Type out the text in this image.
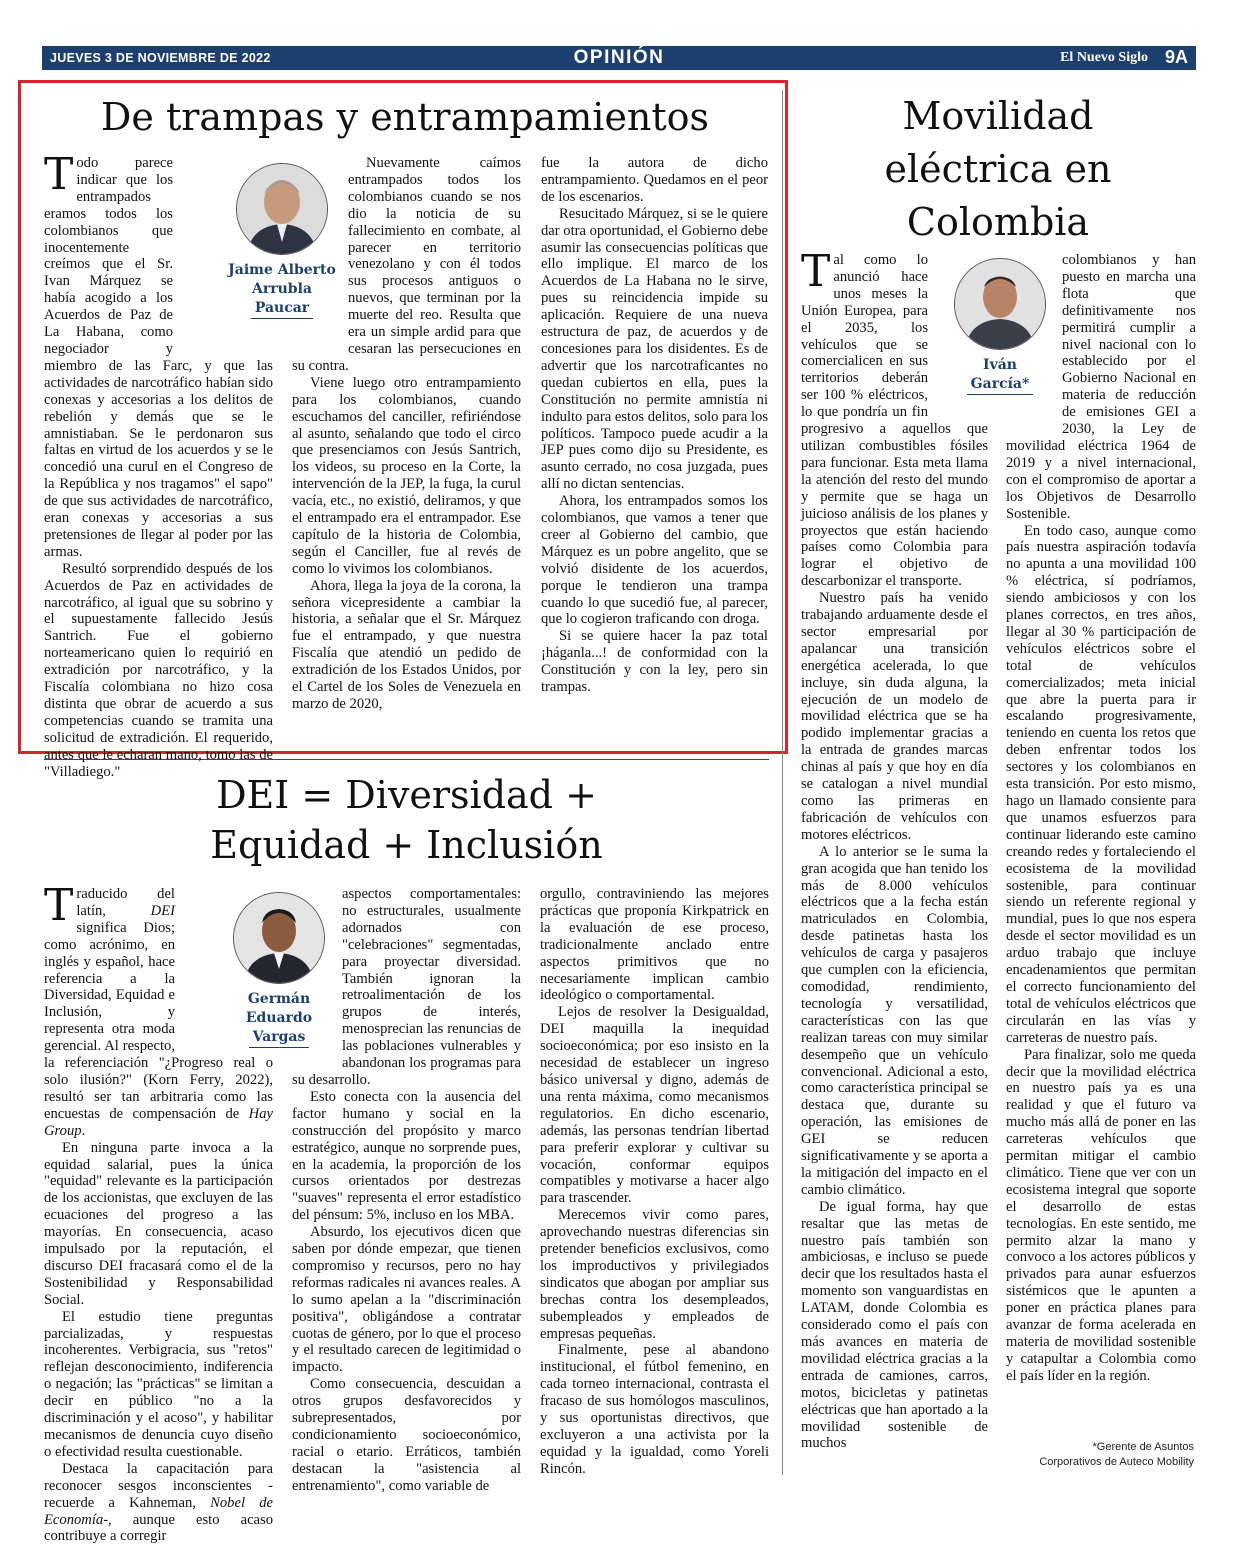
JUEVES 3 DE NOVIEMBRE DE 2022	OPINIÓN	El Nuevo Siglo 9A
De trampas y entrampamientos

Todo parece indicar que los entrampados eramos todos los colombianos que inocentemente creímos que el Sr. Ivan Márquez se había acogido a los Acuerdos de Paz de La Habana, como negociador y miembro de las Farc, y que las actividades de narcotráfico habían sido conexas y accesorias a los delitos de rebelión y demás que se le amnistiaban. Se le perdonaron sus faltas en virtud de los acuerdos y se le concedió una curul en el Congreso de la República y nos tragamos" el sapo" de que sus actividades de narcotráfico, eran conexas y accesorias a sus pretensiones de llegar al poder por las armas.

Resultó sorprendido después de los Acuerdos de Paz en actividades de narcotráfico, al igual que su sobrino y el supuestamente fallecido Jesús Santrich. Fue el gobierno norteamericano quien lo requirió en extradición por narcotráfico, y la Fiscalía colombiana no hizo cosa distinta que obrar de acuerdo a sus competencias cuando se tramita una solicitud de extradición. El requerido, antes que le echaran mano, tomo las de "Villadiego."

Jaime Alberto
Arrubla
Paucar

Nuevamente caímos entrampados todos los colombianos cuando se nos dio la noticia de su fallecimiento en combate, al parecer en territorio venezolano y con él todos sus procesos antiguos o nuevos, que terminan por la muerte del reo. Resulta que era un simple ardid para que cesaran las persecuciones en su contra.

Viene luego otro entrampamiento para los colombianos, cuando escuchamos del canciller, refiriéndose al asunto, señalando que todo el circo que presenciamos con Jesús Santrich, los videos, su proceso en la Corte, la intervención de la JEP, la fuga, la curul vacía, etc., no existió, deliramos, y que el entrampado era el entrampador. Ese capítulo de la historia de Colombia, según el Canciller, fue al revés de como lo vivimos los colombianos.

Ahora, llega la joya de la corona, la señora vicepresidente a cambiar la historia, a señalar que el Sr. Márquez fue el entrampado, y que nuestra Fiscalía que atendió un pedido de extradición de los Estados Unidos, por el Cartel de los Soles de Venezuela en marzo de 2020,

fue la autora de dicho entrampamiento. Quedamos en el peor de los escenarios.

Resucitado Márquez, si se le quiere dar otra oportunidad, el Gobierno debe asumir las consecuencias políticas que ello implique. El marco de los Acuerdos de La Habana no le sirve, pues su reincidencia impide su aplicación. Requiere de una nueva estructura de paz, de acuerdos y de concesiones para los disidentes. Es de advertir que los narcotraficantes no quedan cubiertos en ella, pues la Constitución no permite amnistía ni indulto para estos delitos, solo para los políticos. Tampoco puede acudir a la JEP pues como dijo su Presidente, es asunto cerrado, no cosa juzgada, pues allí no dictan sentencias.

Ahora, los entrampados somos los colombianos, que vamos a tener que creer al Gobierno del cambio, que Márquez es un pobre angelito, que se volvió disidente de los acuerdos, porque le tendieron una trampa cuando lo que sucedió fue, al parecer, que lo cogieron traficando con droga.

Si se quiere hacer la paz total ¡háganla...! de conformidad con la Constitución y con la ley, pero sin trampas.

DEI = Diversidad +
Equidad + Inclusión

Traducido del latín, DEI significa Dios; como acrónimo, en inglés y español, hace referencia a la Diversidad, Equidad e Inclusión, y representa otra moda gerencial. Al respecto, la referenciación "¿Progreso real o solo ilusión?" (Korn Ferry, 2022), resultó ser tan arbitraria como las encuestas de compensación de Hay Group.

En ninguna parte invoca a la equidad salarial, pues la única "equidad" relevante es la participación de los accionistas, que excluyen de las ecuaciones del progreso a las mayorías. En consecuencia, acaso impulsado por la reputación, el discurso DEI fracasará como el de la Sostenibilidad y Responsabilidad Social.

El estudio tiene preguntas parcializadas, y respuestas incoherentes. Verbigracia, sus "retos" reflejan desconocimiento, indiferencia o negación; las "prácticas" se limitan a decir en público "no a la discriminación y el acoso", y habilitar mecanismos de denuncia cuyo diseño o efectividad resulta cuestionable.

Destaca la capacitación para reconocer sesgos inconscientes -recuerde a Kahneman, Nobel de Economía-, aunque esto acaso contribuye a corregir

Germán
Eduardo
Vargas

aspectos comportamentales: no estructurales, usualmente adornados con "celebraciones" segmentadas, para proyectar diversidad. También ignoran la retroalimentación de los grupos de interés, menosprecian las renuncias de las poblaciones vulnerables y abandonan los programas para su desarrollo.

Esto conecta con la ausencia del factor humano y social en la construcción del propósito y marco estratégico, aunque no sorprende pues, en la academia, la proporción de los cursos orientados por destrezas "suaves" representa el error estadístico del pénsum: 5%, incluso en los MBA.

Absurdo, los ejecutivos dicen que saben por dónde empezar, que tienen compromiso y recursos, pero no hay reformas radicales ni avances reales. A lo sumo apelan a la "discriminación positiva", obligándose a contratar cuotas de género, por lo que el proceso y el resultado carecen de legitimidad o impacto.

Como consecuencia, descuidan a otros grupos desfavorecidos y subrepresentados, por condicionamiento socioeconómico, racial o etario. Erráticos, también destacan la "asistencia al entrenamiento", como variable de

orgullo, contraviniendo las mejores prácticas que proponía Kirkpatrick en la evaluación de ese proceso, tradicionalmente anclado entre aspectos primitivos que no necesariamente implican cambio ideológico o comportamental.

Lejos de resolver la Desigualdad, DEI maquilla la inequidad socioeconómica; por eso insisto en la necesidad de establecer un ingreso básico universal y digno, además de una renta máxima, como mecanismos regulatorios. En dicho escenario, además, las personas tendrían libertad para preferir explorar y cultivar su vocación, conformar equipos compatibles y motivarse a hacer algo para trascender.

Merecemos vivir como pares, aprovechando nuestras diferencias sin pretender beneficios exclusivos, como los improductivos y privilegiados sindicatos que abogan por ampliar sus brechas contra los desempleados, subempleados y empleados de empresas pequeñas.

Finalmente, pese al abandono institucional, el fútbol femenino, en cada torneo internacional, contrasta el fracaso de sus homólogos masculinos, y sus oportunistas directivos, que excluyeron a una activista por la equidad y la igualdad, como Yoreli Rincón.

Movilidad
eléctrica en
Colombia

Tal como lo anunció hace unos meses la Unión Europea, para el 2035, los vehículos que se comercialicen en sus territorios deberán ser 100 % eléctricos, lo que pondría un fin progresivo a aquellos que utilizan combustibles fósiles para funcionar. Esta meta llama la atención del resto del mundo y permite que se haga un juicioso análisis de los planes y proyectos que están haciendo países como Colombia para lograr el objetivo de descarbonizar el transporte.

Nuestro país ha venido trabajando arduamente desde el sector empresarial por apalancar una transición energética acelerada, lo que incluye, sin duda alguna, la ejecución de un modelo de movilidad eléctrica que se ha podido implementar gracias a la entrada de grandes marcas chinas al país y que hoy en día se catalogan a nivel mundial como las primeras en fabricación de vehículos con motores eléctricos.

A lo anterior se le suma la gran acogida que han tenido los más de 8.000 vehículos eléctricos que a la fecha están matriculados en Colombia, desde patinetas hasta los vehículos de carga y pasajeros que cumplen con la eficiencia, comodidad, rendimiento, tecnología y versatilidad, características con las que realizan tareas con muy similar desempeño que un vehículo convencional. Adicional a esto, como característica principal se destaca que, durante su operación, las emisiones de GEI se reducen significativamente y se aporta a la mitigación del impacto en el cambio climático.

De igual forma, hay que resaltar que las metas de nuestro país también son ambiciosas, e incluso se puede decir que los resultados hasta el momento son vanguardistas en LATAM, donde Colombia es considerado como el país con más avances en materia de movilidad eléctrica gracias a la entrada de camiones, carros, motos, bicicletas y patinetas eléctricas que han aportado a la movilidad sostenible de muchos

Iván
García*

colombianos y han puesto en marcha una flota que definitivamente nos permitirá cumplir a nivel nacional con lo establecido por el Gobierno Nacional en materia de reducción de emisiones GEI a 2030, la Ley de movilidad eléctrica 1964 de 2019 y a nivel internacional, con el compromiso de aportar a los Objetivos de Desarrollo Sostenible.

En todo caso, aunque como país nuestra aspiración todavía no apunta a una movilidad 100 % eléctrica, sí podríamos, siendo ambiciosos y con los planes correctos, en tres años, llegar al 30 % participación de vehículos eléctricos sobre el total de vehículos comercializados; meta inicial que abre la puerta para ir escalando progresivamente, teniendo en cuenta los retos que deben enfrentar todos los sectores y los colombianos en esta transición. Por esto mismo, hago un llamado consiente para que unamos esfuerzos para continuar liderando este camino creando redes y fortaleciendo el ecosistema de la movilidad sostenible, para continuar siendo un referente regional y mundial, pues lo que nos espera desde el sector movilidad es un arduo trabajo que incluye encadenamientos que permitan el correcto funcionamiento del total de vehículos eléctricos que circularán en las vías y carreteras de nuestro país.

Para finalizar, solo me queda decir que la movilidad eléctrica en nuestro país ya es una realidad y que el futuro va mucho más allá de poner en las carreteras vehículos que permitan mitigar el cambio climático. Tiene que ver con un ecosistema integral que soporte el desarrollo de estas tecnologías. En este sentido, me permito alzar la mano y convoco a los actores públicos y privados para aunar esfuerzos sistémicos que le apunten a poner en práctica planes para avanzar de forma acelerada en materia de movilidad sostenible y catapultar a Colombia como el país líder en la región.

*Gerente de Asuntos
Corporativos de Auteco Mobility
